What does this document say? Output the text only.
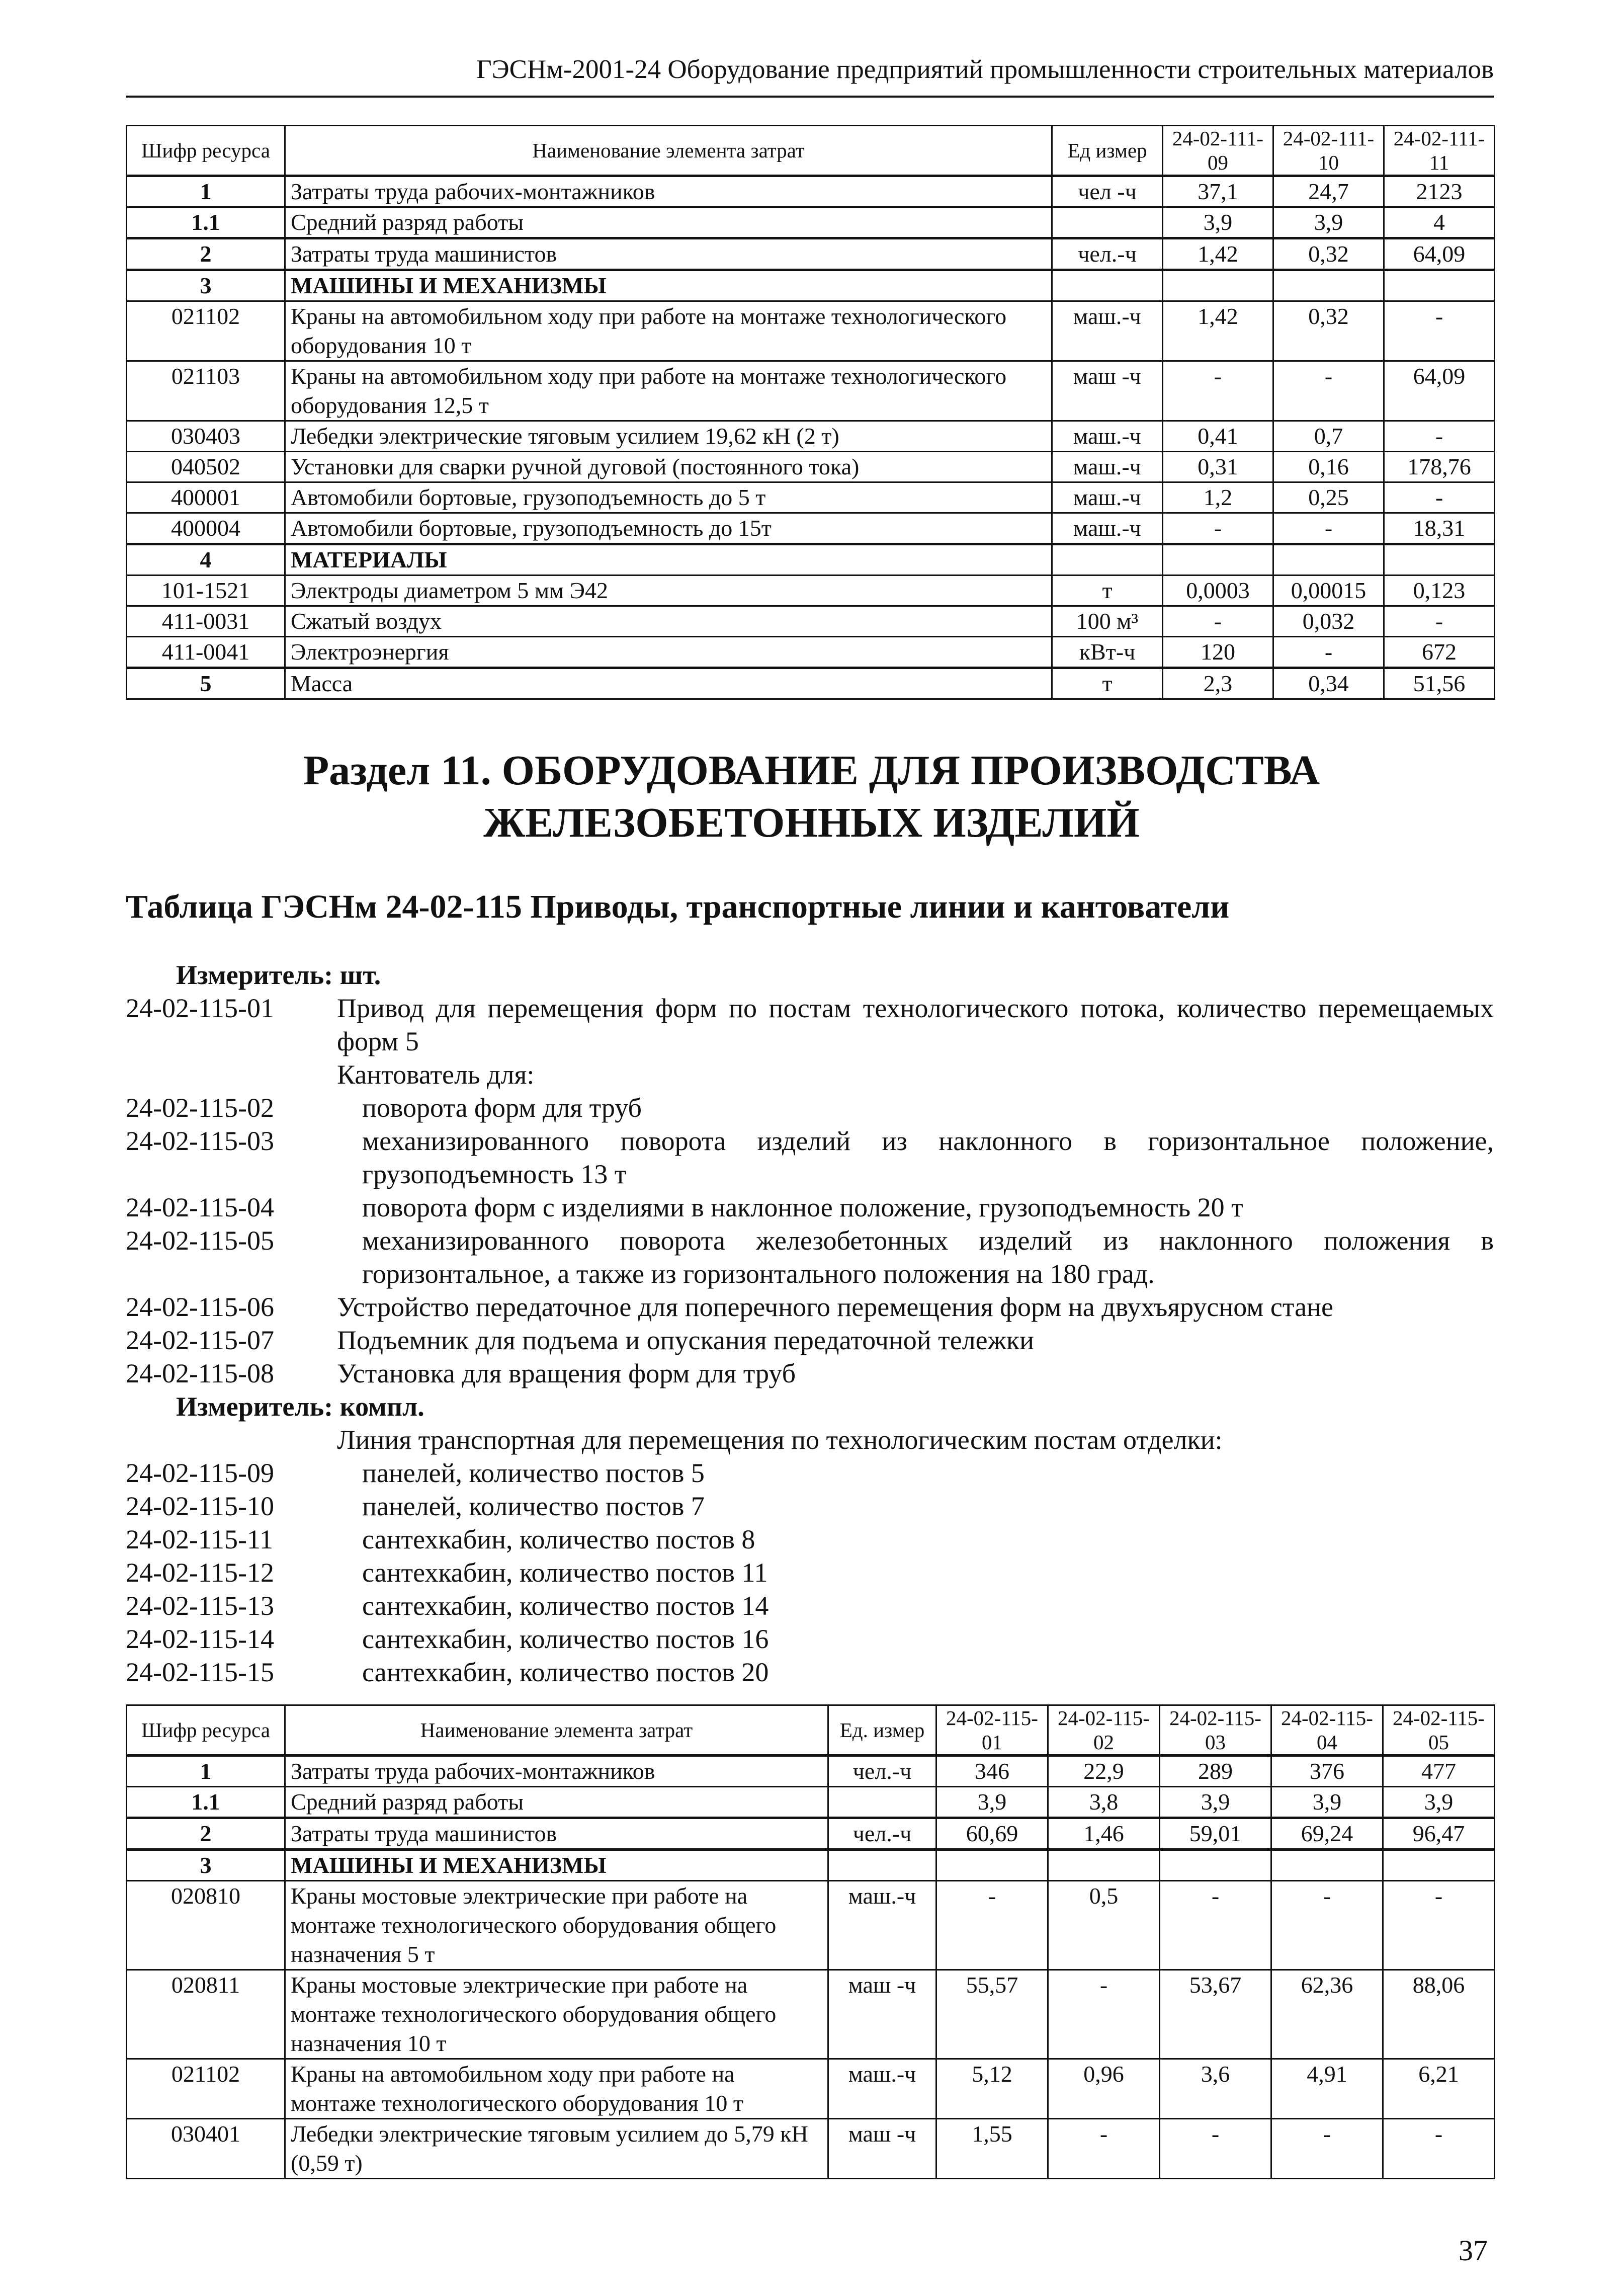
ГЭСНм-2001-24 Оборудование предприятий промышленности строительных материалов
Шифр ресурса	Наименование элемента затрат	Ед измер	24-02-111-09	24-02-111-10	24-02-111-11
1	Затраты труда рабочих-монтажников	чел -ч	37,1	24,7	2123
1.1	Средний разряд работы		3,9	3,9	4
2	Затраты труда машинистов	чел.-ч	1,42	0,32	64,09
3	МАШИНЫ И МЕХАНИЗМЫ				
021102	Краны на автомобильном ходу при работе на монтаже технологического оборудования 10 т	маш.-ч	1,42	0,32	-
021103	Краны на автомобильном ходу при работе на монтаже технологического оборудования 12,5 т	маш -ч	-	-	64,09
030403	Лебедки электрические тяговым усилием 19,62 кН (2 т)	маш.-ч	0,41	0,7	-
040502	Установки для сварки ручной дуговой (постоянного тока)	маш.-ч	0,31	0,16	178,76
400001	Автомобили бортовые, грузоподъемность до 5 т	маш.-ч	1,2	0,25	-
400004	Автомобили бортовые, грузоподъемность до 15т	маш.-ч	-	-	18,31
4	МАТЕРИАЛЫ				
101-1521	Электроды диаметром 5 мм Э42	т	0,0003	0,00015	0,123
411-0031	Сжатый воздух	100 м³	-	0,032	-
411-0041	Электроэнергия	кВт-ч	120	-	672
5	Масса	т	2,3	0,34	51,56
Раздел 11. ОБОРУДОВАНИЕ ДЛЯ ПРОИЗВОДСТВА
ЖЕЛЕЗОБЕТОННЫХ ИЗДЕЛИЙ
Таблица ГЭСНм 24-02-115 Приводы, транспортные линии и кантователи
Измеритель: шт.
24-02-115-01 Привод для перемещения форм по постам технологического потока, количество перемещаемых форм 5
Кантователь для:
24-02-115-02	поворота форм для труб
24-02-115-03	механизированного поворота изделий из наклонного в горизонтальное положение, грузоподъемность 13 т
24-02-115-04	поворота форм с изделиями в наклонное положение, грузоподъемность 20 т
24-02-115-05	механизированного поворота железобетонных изделий из наклонного положения в горизонтальное, а также из горизонтального положения на 180 град.
24-02-115-06 Устройство передаточное для поперечного перемещения форм на двухъярусном стане
24-02-115-07 Подъемник для подъема и опускания передаточной тележки
24-02-115-08 Установка для вращения форм для труб
Измеритель: компл.
Линия транспортная для перемещения по технологическим постам отделки:
24-02-115-09	панелей, количество постов 5
24-02-115-10	панелей, количество постов 7
24-02-115-11	сантехкабин, количество постов 8
24-02-115-12	сантехкабин, количество постов 11
24-02-115-13	сантехкабин, количество постов 14
24-02-115-14	сантехкабин, количество постов 16
24-02-115-15	сантехкабин, количество постов 20
Шифр ресурса	Наименование элемента затрат	Ед. измер	24-02-115-01	24-02-115-02	24-02-115-03	24-02-115-04	24-02-115-05
1	Затраты труда рабочих-монтажников	чел.-ч	346	22,9	289	376	477
1.1	Средний разряд работы		3,9	3,8	3,9	3,9	3,9
2	Затраты труда машинистов	чел.-ч	60,69	1,46	59,01	69,24	96,47
3	МАШИНЫ И МЕХАНИЗМЫ						
020810	Краны мостовые электрические при работе на монтаже технологического оборудования общего назначения 5 т	маш.-ч	-	0,5	-	-	-
020811	Краны мостовые электрические при работе на монтаже технологического оборудования общего назначения 10 т	маш -ч	55,57	-	53,67	62,36	88,06
021102	Краны на автомобильном ходу при работе на монтаже технологического оборудования 10 т	маш.-ч	5,12	0,96	3,6	4,91	6,21
030401	Лебедки электрические тяговым усилием до 5,79 кН (0,59 т)	маш -ч	1,55	-	-	-	-
37
